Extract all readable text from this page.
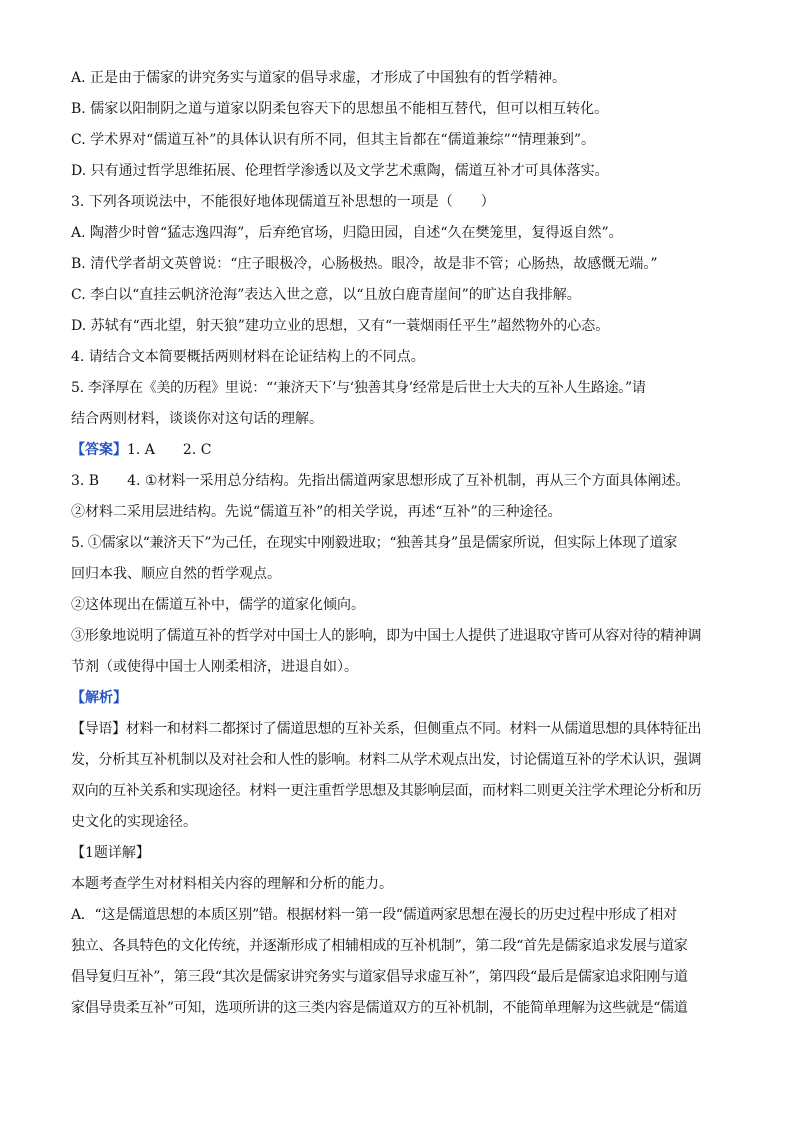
A. 正是由于儒家的讲究务实与道家的倡导求虚，才形成了中国独有的哲学精神。
B. 儒家以阳制阴之道与道家以阴柔包容天下的思想虽不能相互替代，但可以相互转化。
C. 学术界对“儒道互补”的具体认识有所不同，但其主旨都在“儒道兼综”“情理兼到”。
D. 只有通过哲学思维拓展、伦理哲学渗透以及文学艺术熏陶，儒道互补才可具体落实。
3. 下列各项说法中，不能很好地体现儒道互补思想的一项是（　　）
A. 陶潜少时曾“猛志逸四海”，后弃绝官场，归隐田园，自述“久在樊笼里，复得返自然”。
B. 清代学者胡文英曾说：“庄子眼极冷，心肠极热。眼冷，故是非不管；心肠热，故感慨无端。”
C. 李白以“直挂云帆济沧海”表达入世之意，以“且放白鹿青崖间”的旷达自我排解。
D. 苏轼有“西北望，射天狼”建功立业的思想，又有“一蓑烟雨任平生”超然物外的心态。
4. 请结合文本简要概括两则材料在论证结构上的不同点。
5. 李泽厚在《美的历程》里说：“‘兼济天下’与‘独善其身’经常是后世士大夫的互补人生路途。”请
结合两则材料，谈谈你对这句话的理解。
【答案】1. A 2. C
3. B 4. ①材料一采用总分结构。先指出儒道两家思想形成了互补机制，再从三个方面具体阐述。
②材料二采用层进结构。先说“儒道互补”的相关学说，再述“互补”的三种途径。
5. ①儒家以“兼济天下”为己任，在现实中刚毅进取；“独善其身”虽是儒家所说，但实际上体现了道家
回归本我、顺应自然的哲学观点。
②这体现出在儒道互补中，儒学的道家化倾向。
③形象地说明了儒道互补的哲学对中国士人的影响，即为中国士人提供了进退取守皆可从容对待的精神调
节剂（或使得中国士人刚柔相济，进退自如）。
【解析】
【导语】材料一和材料二都探讨了儒道思想的互补关系，但侧重点不同。材料一从儒道思想的具体特征出
发，分析其互补机制以及对社会和人性的影响。材料二从学术观点出发，讨论儒道互补的学术认识，强调
双向的互补关系和实现途径。材料一更注重哲学思想及其影响层面，而材料二则更关注学术理论分析和历
史文化的实现途径。
【1题详解】
本题考查学生对材料相关内容的理解和分析的能力。
A．“这是儒道思想的本质区别”错。根据材料一第一段“儒道两家思想在漫长的历史过程中形成了相对
独立、各具特色的文化传统，并逐渐形成了相辅相成的互补机制”，第二段“首先是儒家追求发展与道家
倡导复归互补”，第三段“其次是儒家讲究务实与道家倡导求虚互补”，第四段“最后是儒家追求阳刚与道
家倡导贵柔互补”可知，选项所讲的这三类内容是儒道双方的互补机制，不能简单理解为这些就是“儒道
